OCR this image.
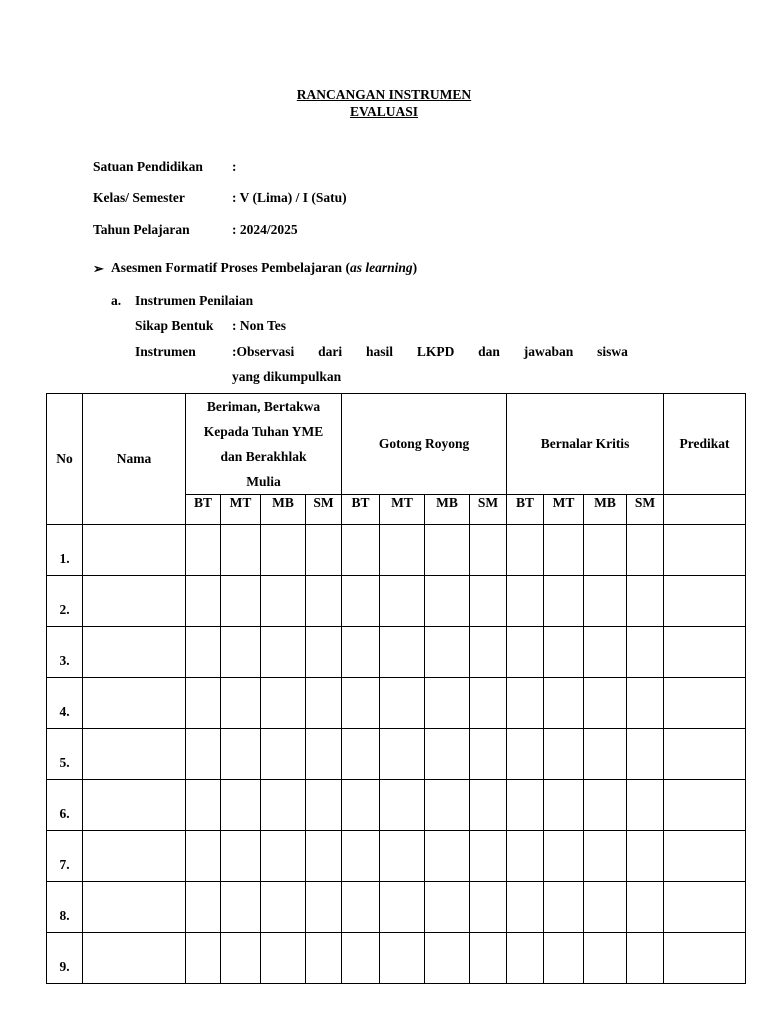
RANCANGAN INSTRUMEN
EVALUASI
Satuan Pendidikan :
Kelas/ Semester	: V (Lima) / I (Satu)
Tahun Pelajaran	: 2024/2025
➢ Asesmen Formatif Proses Pembelajaran (as learning)
a. Instrumen Penilaian
Sikap Bentuk : Non Tes
Instrumen	:Observasi dari hasil LKPD dan jawaban siswa
yang dikumpulkan
No	Nama	Beriman, Bertakwa
Kepada Tuhan YME
dan Berakhlak
Mulia				Gotong Royong				Bernalar Kritis				Predikat
		BT	MT	MB	SM	BT	MT	MB	SM	BT	MT	MB	SM	
1.														
2.														
3.														
4.														
5.														
6.														
7.														
8.														
9.														
